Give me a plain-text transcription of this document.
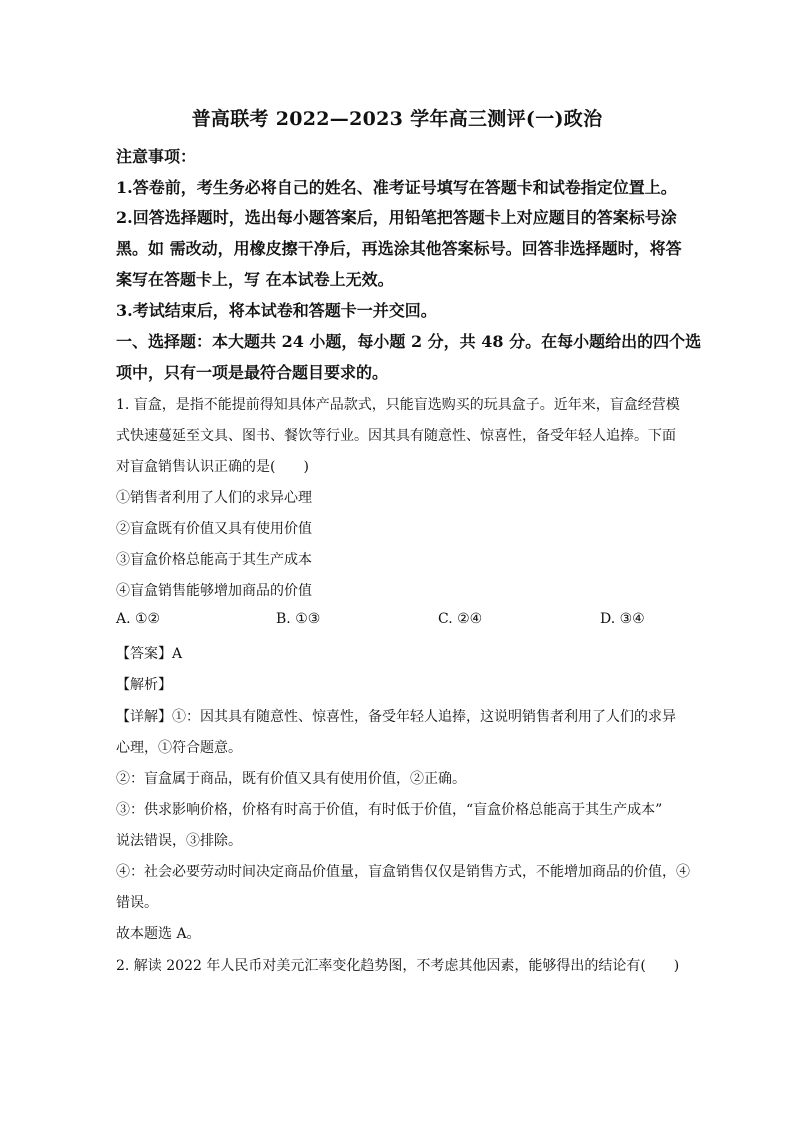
普高联考 2022—2023 学年高三测评(一)政治
注意事项：
1.答卷前，考生务必将自己的姓名、准考证号填写在答题卡和试卷指定位置上。
2.回答选择题时，选出每小题答案后，用铅笔把答题卡上对应题目的答案标号涂
黑。如 需改动，用橡皮擦干净后，再选涂其他答案标号。回答非选择题时，将答
案写在答题卡上，写 在本试卷上无效。
3.考试结束后，将本试卷和答题卡一并交回。
一、选择题：本大题共 24 小题，每小题 2 分，共 48 分。在每小题给出的四个选
项中，只有一项是最符合题目要求的。
1. 盲盒，是指不能提前得知具体产品款式，只能盲选购买的玩具盒子。近年来，盲盒经营模
式快速蔓延至文具、图书、餐饮等行业。因其具有随意性、惊喜性，备受年轻人追捧。下面
对盲盒销售认识正确的是(　　)
①销售者利用了人们的求异心理
②盲盒既有价值又具有使用价值
③盲盒价格总能高于其生产成本
④盲盒销售能够增加商品的价值
A. ①②	B. ①③	C. ②④	D. ③④
【答案】A
【解析】
【详解】①：因其具有随意性、惊喜性，备受年轻人追捧，这说明销售者利用了人们的求异
心理，①符合题意。
②：盲盒属于商品，既有价值又具有使用价值，②正确。
③：供求影响价格，价格有时高于价值，有时低于价值，“盲盒价格总能高于其生产成本”
说法错误，③排除。
④：社会必要劳动时间决定商品价值量，盲盒销售仅仅是销售方式，不能增加商品的价值，④
错误。
故本题选 A。
2. 解读 2022 年人民币对美元汇率变化趋势图，不考虑其他因素，能够得出的结论有(　　)
